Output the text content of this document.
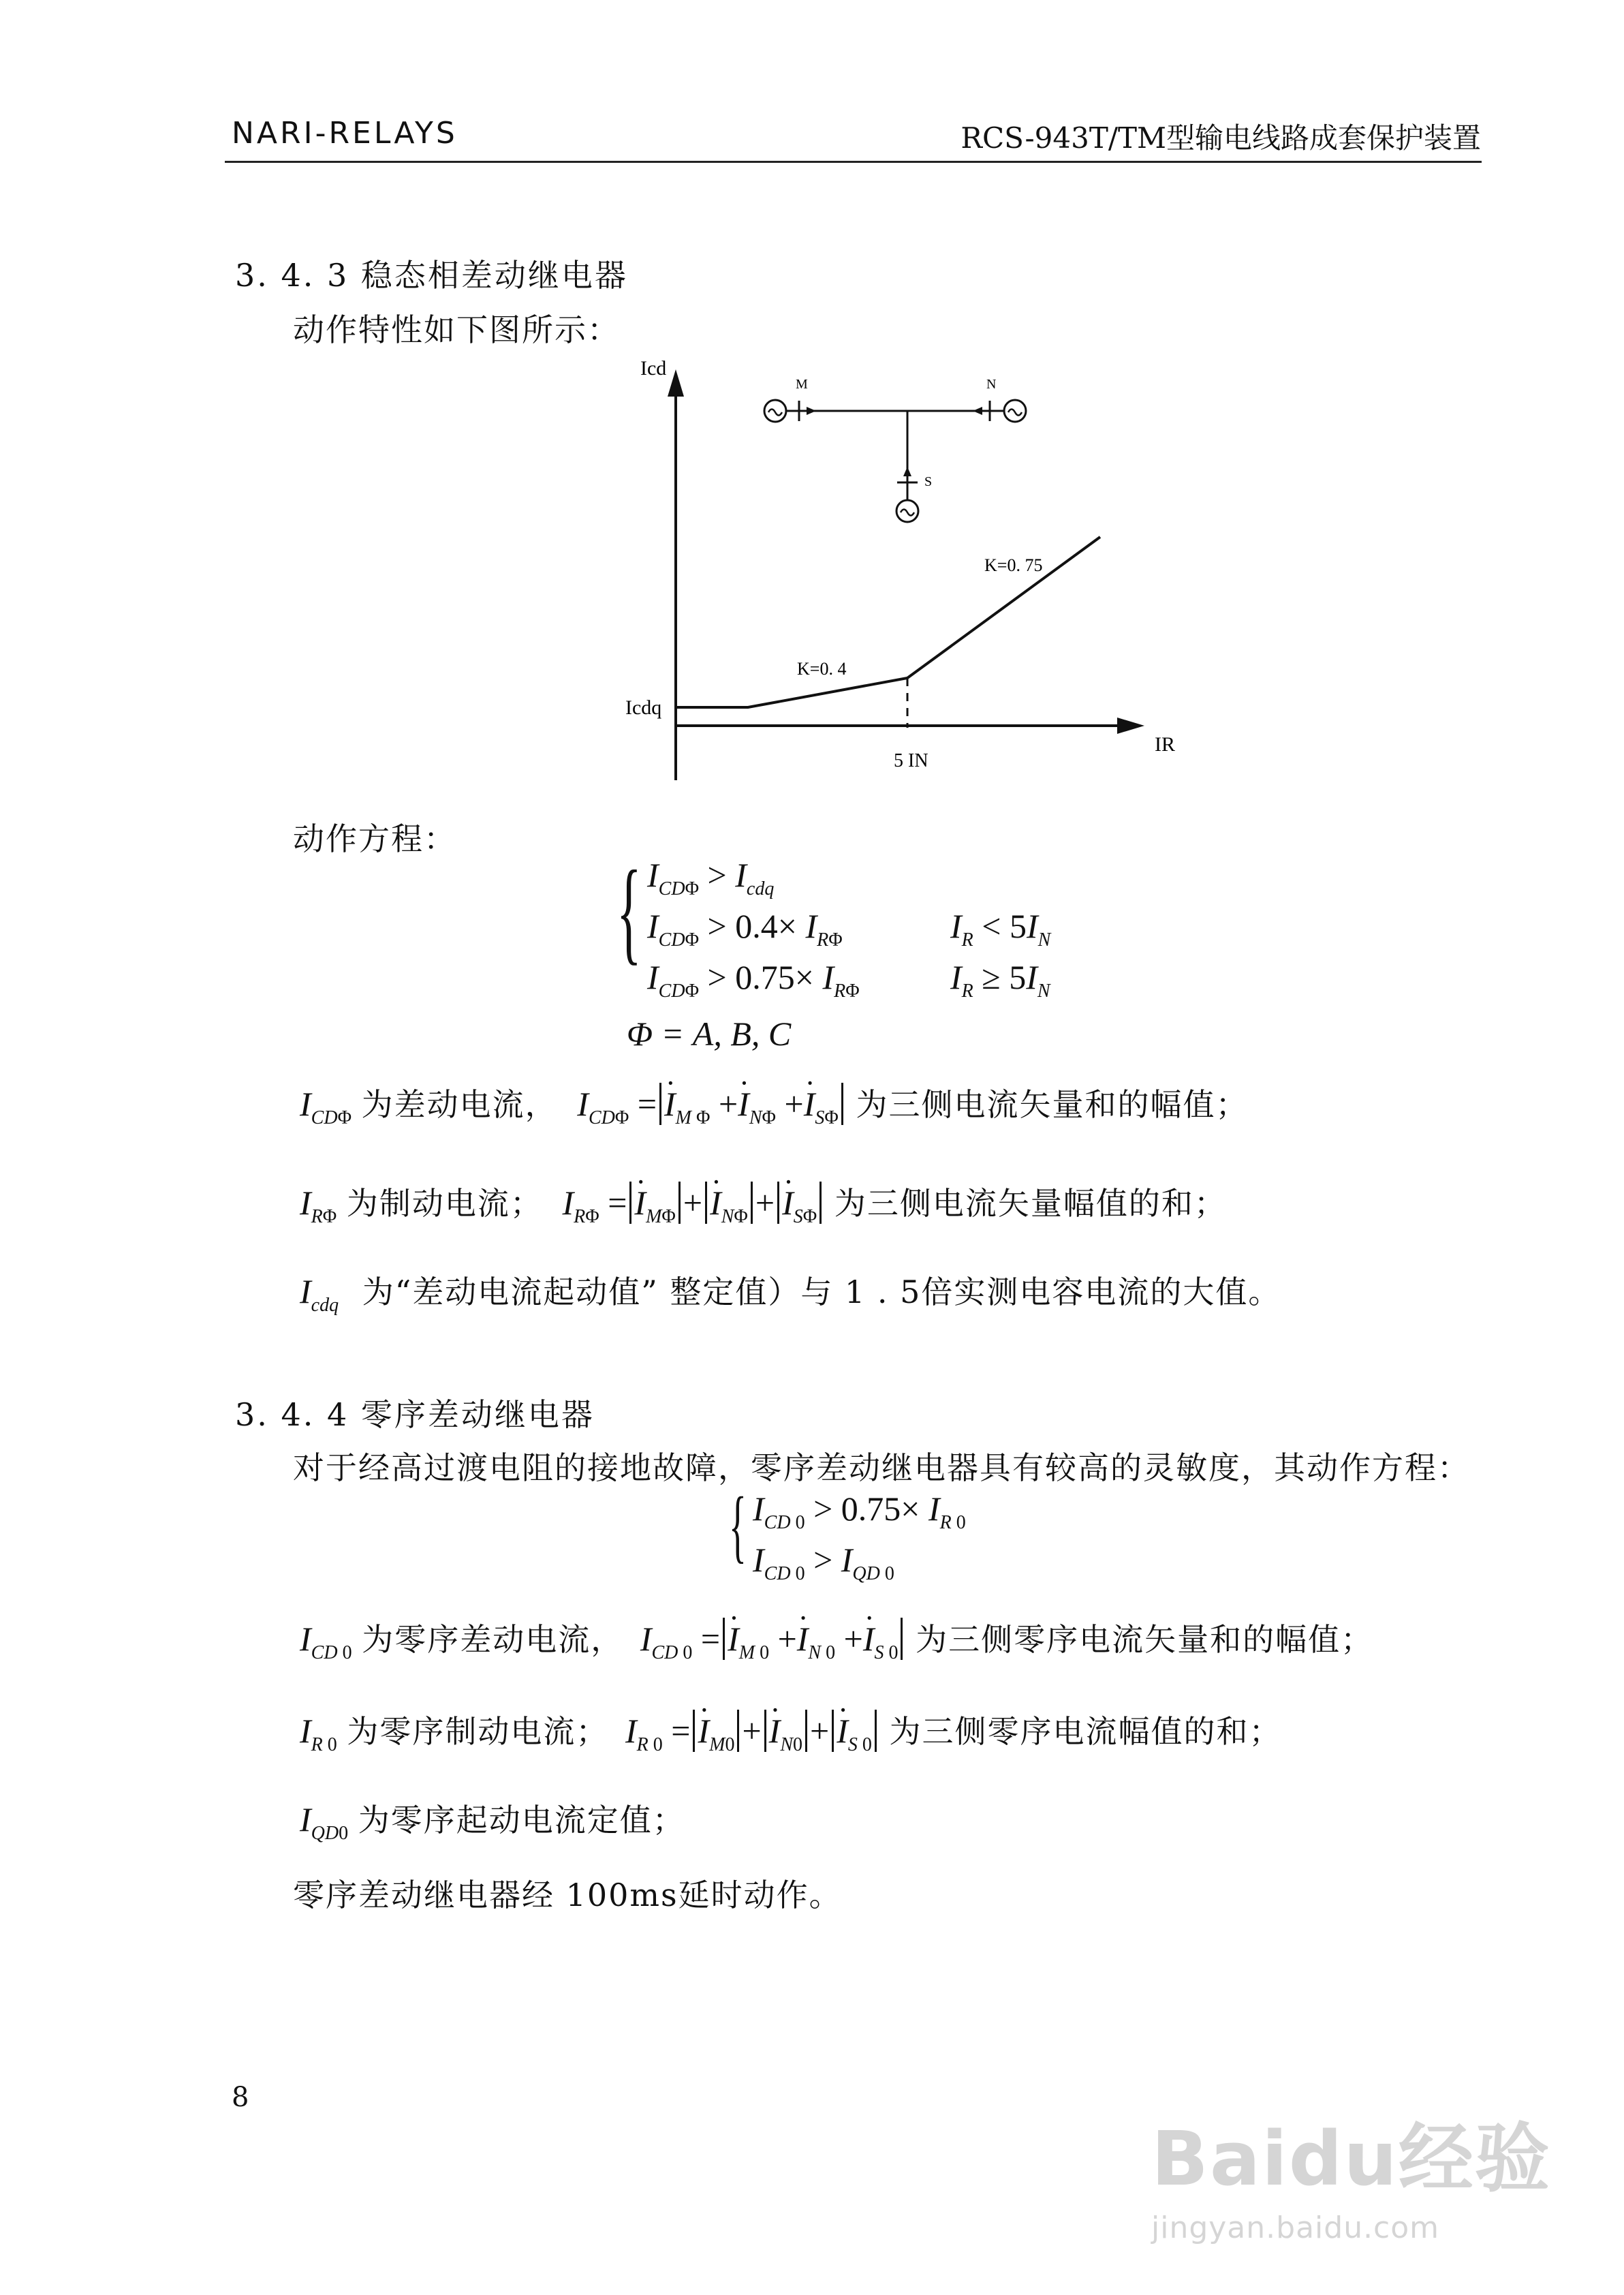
NARI-RELAYS	RCS-943T/TM型输电线路成套保护装置
3. 4. 3 稳态相差动继电器
动作特性如下图所示：
Icd
IR
Icdq
K=0. 4
K=0. 75
5 IN
M	N
S
动作方程：
{ $I_{CD\Phi} > I_{cdq}$
$I_{CD\Phi} > 0.4\times I_{R\Phi}$	$I_R < 5I_N$
$I_{CD\Phi} > 0.75\times I_{R\Phi}$	$I_R \ge 5I_N$
Φ = A, B, C
$I_{CD\Phi}$ 为差动电流， $I_{CD\Phi} =\cdot I_{M \Phi} +\cdot I_{N\Phi} +\cdot I_{S\Phi}$ 为三侧电流矢量和的幅值；
$I_{R\Phi}$ 为制动电流； $I_{R\Phi} =\cdot I_{M\Phi} +\cdot I_{N\Phi} +\cdot I_{S\Phi}$ 为三侧电流矢量幅值的和；
$I_{cdq}$ 为“差动电流起动值” 整定值）与 1 . 5倍实测电容电流的大值。
3. 4. 4 零序差动继电器
对于经高过渡电阻的接地故障，零序差动继电器具有较高的灵敏度，其动作方程：
{ $I_{CD 0} > 0.75\times I_{R 0}$
$I_{CD 0} > I_{QD 0}$
$I_{CD 0}$ 为零序差动电流， $I_{CD 0} =\cdot I_{M 0} +\cdot I_{N 0} +\cdot I_{S 0}$ 为三侧零序电流矢量和的幅值；
$I_{R 0}$ 为零序制动电流； $I_{R 0} =\cdot I_{M0} +\cdot I_{N0} +\cdot I_{S 0}$ 为三侧零序电流幅值的和；
$I_{QD0}$ 为零序起动电流定值；
零序差动继电器经 100ms延时动作。
8
Baidu经验
jingyan.baidu.com
